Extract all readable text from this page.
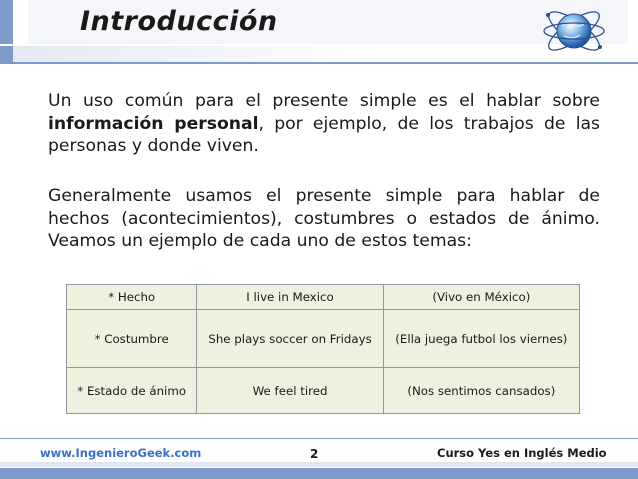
Introducción
Un uso común para el presente simple es el hablar sobre información personal, por ejemplo, de los trabajos de las personas y donde viven.
Generalmente usamos el presente simple para hablar de hechos (acontecimientos), costumbres o estados de ánimo. Veamos un ejemplo de cada uno de estos temas:
* Hecho	I live in Mexico	(Vivo en México)
* Costumbre	She plays soccer on Fridays	(Ella juega futbol los viernes)
* Estado de ánimo	We feel tired	(Nos sentimos cansados)
www.IngenieroGeek.com	2	Curso Yes en Inglés Medio
